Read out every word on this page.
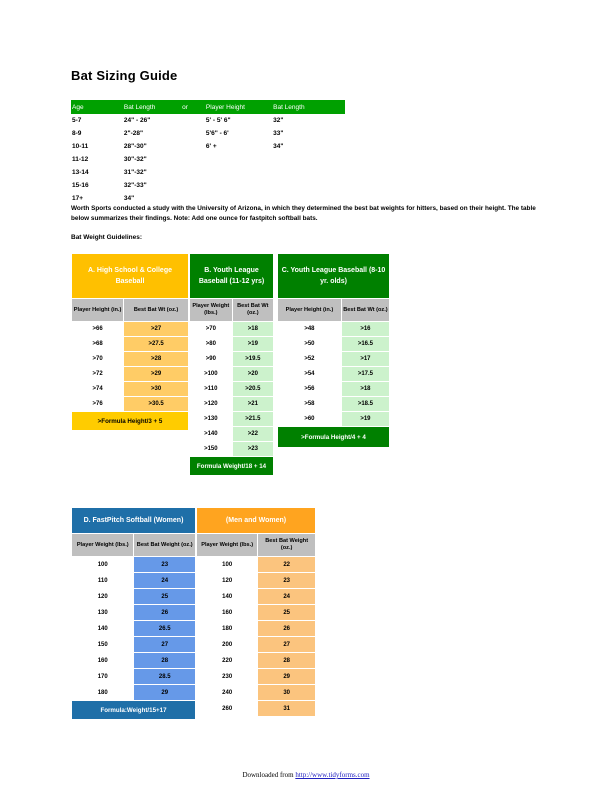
Bat Sizing Guide
Age	Bat Length	or	Player Height	Bat Length
5-7	24" - 26"		5' - 5' 6"	32"
8-9	2"-28"		5'6" - 6'	33"
10-11	28"-30"		6' +	34"
11-12	30"-32"			
13-14	31"-32"			
15-16	32"-33"			
17+	34"			
Worth Sports conducted a study with the University of Arizona, in which they determined the best bat weights for hitters, based on their height. The table below summarizes their findings. Note: Add one ounce for fastpitch softball bats.
Bat Weight Guidelines:
A. High School & College Baseball	
Player Height (in.)	Best Bat Wt (oz.)
>66	>27
>68	>27.5
>70	>28
>72	>29
>74	>30
>76	>30.5
>Formula Height/3 + 5	
B. Youth League Baseball (11-12 yrs)	
Player Weight (lbs.)	Best Bat Wt (oz.)
>70	>18
>80	>19
>90	>19.5
>100	>20
>110	>20.5
>120	>21
>130	>21.5
>140	>22
>150	>23
Formula Weight/18 + 14	
C. Youth League Baseball (8-10 yr. olds)	
Player Height (in.)	Best Bat Wt (oz.)
>48	>16
>50	>16.5
>52	>17
>54	>17.5
>56	>18
>58	>18.5
>60	>19
>Formula Height/4 + 4	
D. FastPitch Softball (Women)	
Player Weight (lbs.)	Best Bat Weight (oz.)
100	23
110	24
120	25
130	26
140	26.5
150	27
160	28
170	28.5
180	29
Formula:Weight/15+17	
(Men and Women)	
Player Weight (lbs.)	Best Bat Weight (oz.)
100	22
120	23
140	24
160	25
180	26
200	27
220	28
230	29
240	30
260	31
Downloaded from http://www.tidyforms.com
